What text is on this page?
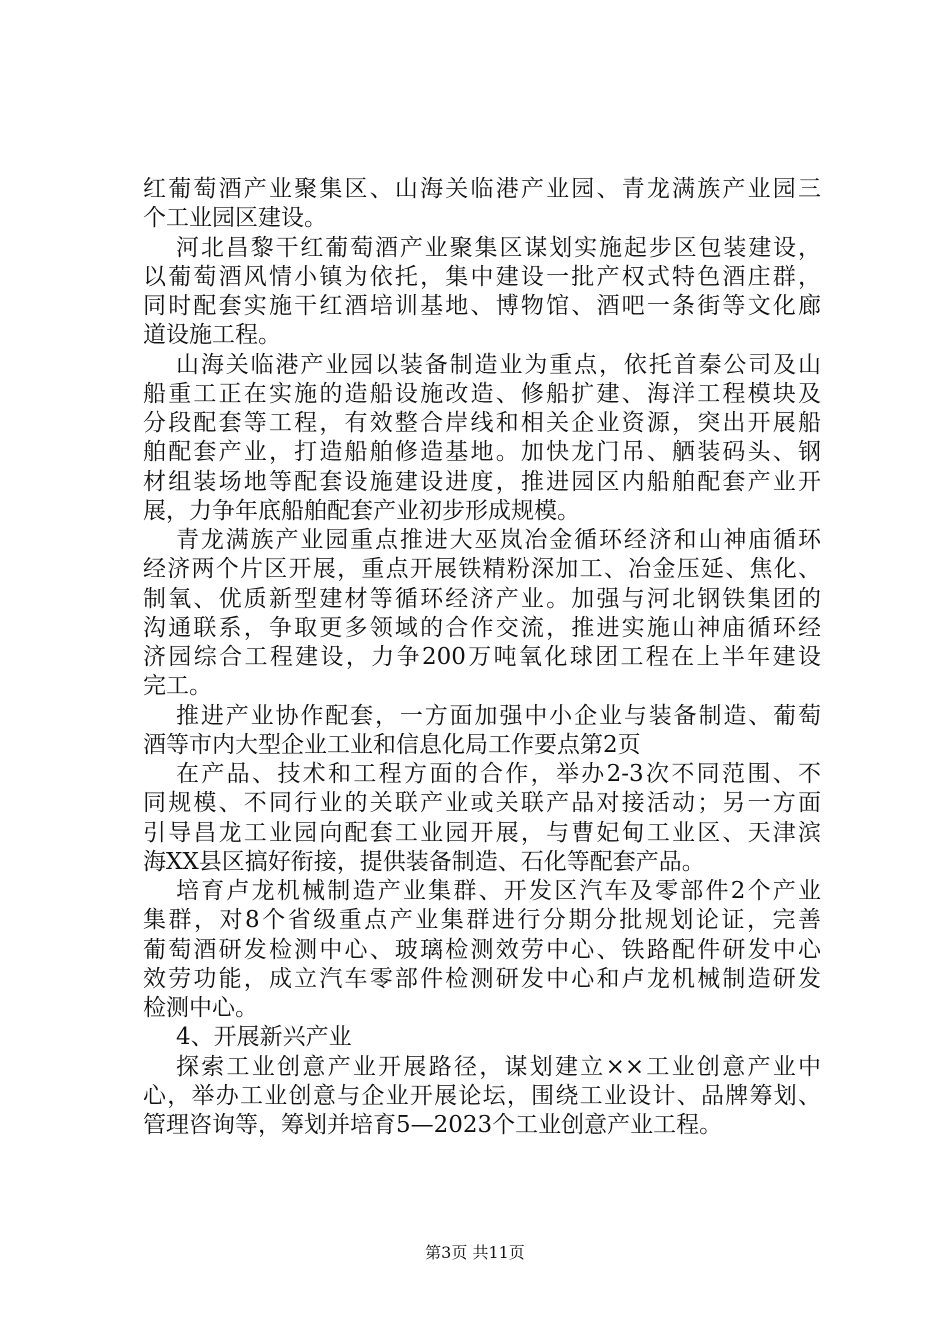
红葡萄酒产业聚集区、山海关临港产业园、青龙满族产业园三
个工业园区建设。
河北昌黎干红葡萄酒产业聚集区谋划实施起步区包装建设，
以葡萄酒风情小镇为依托，集中建设一批产权式特色酒庄群，
同时配套实施干红酒培训基地、博物馆、酒吧一条街等文化廊
道设施工程。
山海关临港产业园以装备制造业为重点，依托首秦公司及山
船重工正在实施的造船设施改造、修船扩建、海洋工程模块及
分段配套等工程，有效整合岸线和相关企业资源，突出开展船
舶配套产业，打造船舶修造基地。加快龙门吊、舾装码头、钢
材组装场地等配套设施建设进度，推进园区内船舶配套产业开
展，力争年底船舶配套产业初步形成规模。
青龙满族产业园重点推进大巫岚冶金循环经济和山神庙循环
经济两个片区开展，重点开展铁精粉深加工、冶金压延、焦化、
制氧、优质新型建材等循环经济产业。加强与河北钢铁集团的
沟通联系，争取更多领域的合作交流，推进实施山神庙循环经
济园综合工程建设，力争200万吨氧化球团工程在上半年建设
完工。
推进产业协作配套，一方面加强中小企业与装备制造、葡萄
酒等市内大型企业工业和信息化局工作要点第2页
在产品、技术和工程方面的合作，举办2-3次不同范围、不
同规模、不同行业的关联产业或关联产品对接活动；另一方面
引导昌龙工业园向配套工业园开展，与曹妃甸工业区、天津滨
海XX县区搞好衔接，提供装备制造、石化等配套产品。
培育卢龙机械制造产业集群、开发区汽车及零部件2个产业
集群，对8个省级重点产业集群进行分期分批规划论证，完善
葡萄酒研发检测中心、玻璃检测效劳中心、铁路配件研发中心
效劳功能，成立汽车零部件检测研发中心和卢龙机械制造研发
检测中心。
4、开展新兴产业
探索工业创意产业开展路径，谋划建立××工业创意产业中
心，举办工业创意与企业开展论坛，围绕工业设计、品牌筹划、
管理咨询等，筹划并培育5—2023个工业创意产业工程。
第3页 共11页
